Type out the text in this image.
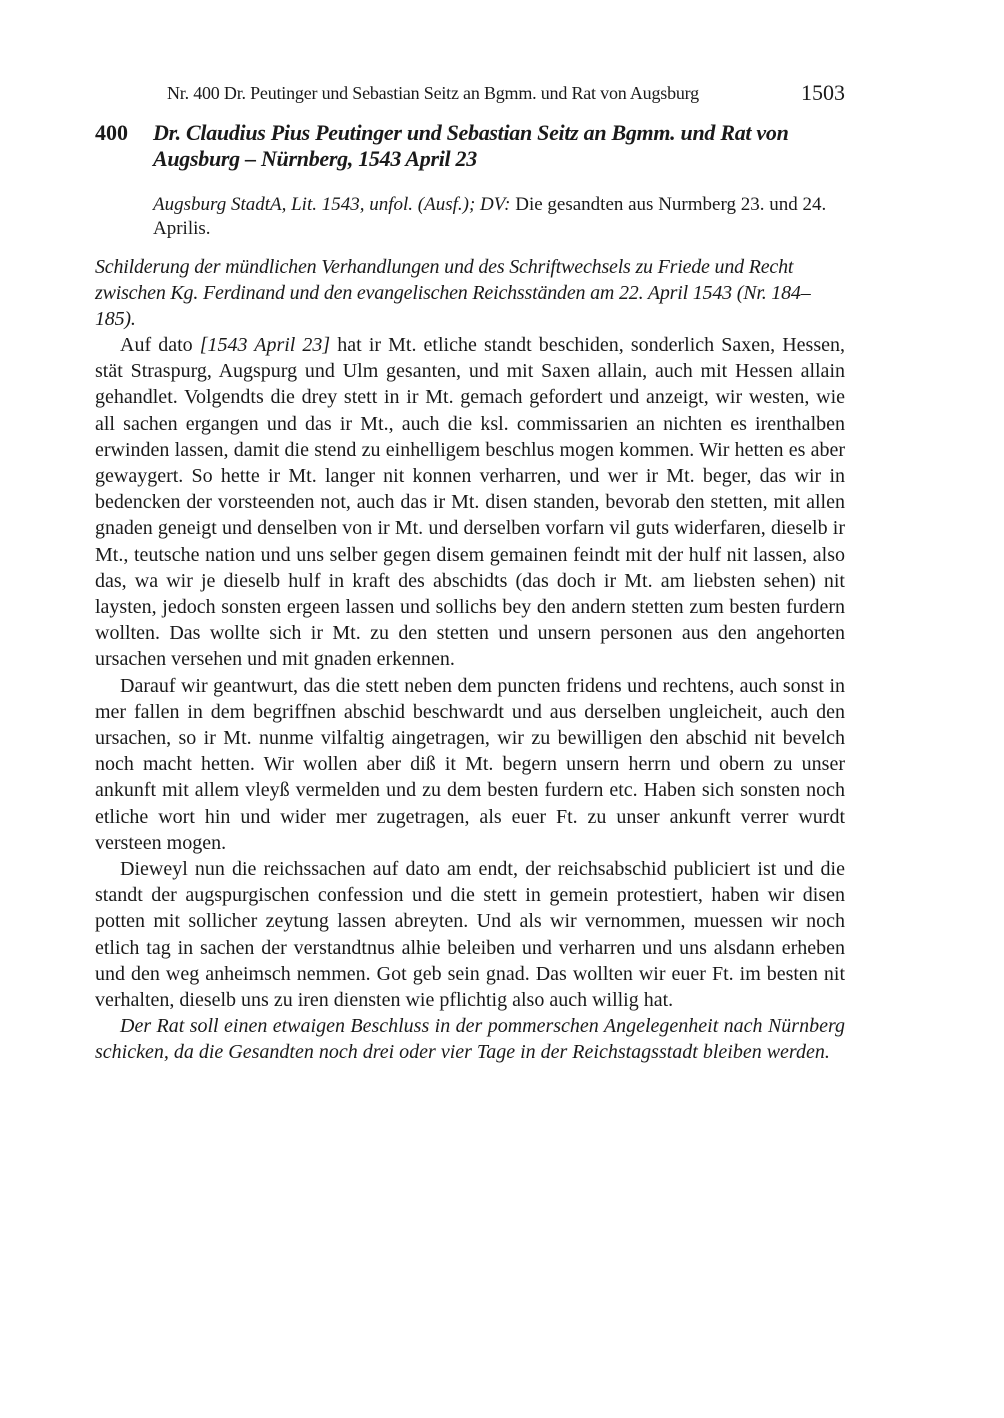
Nr. 400 Dr. Peutinger und Sebastian Seitz an Bgmm. und Rat von Augsburg	1503
400 Dr. Claudius Pius Peutinger und Sebastian Seitz an Bgmm. und Rat von Augsburg – Nürnberg, 1543 April 23
Augsburg StadtA, Lit. 1543, unfol. (Ausf.); DV: Die gesandten aus Nurmberg 23. und 24. Aprilis.
Schilderung der mündlichen Verhandlungen und des Schriftwechsels zu Friede und Recht zwischen Kg. Ferdinand und den evangelischen Reichsständen am 22. April 1543 (Nr. 184–185).

Auf dato [1543 April 23] hat ir Mt. etliche standt beschiden, sonderlich Saxen, Hessen, stät Straspurg, Augspurg und Ulm gesanten, und mit Saxen allain, auch mit Hessen allain gehandlet. Volgendts die drey stett in ir Mt. gemach gefordert und anzeigt, wir westen, wie all sachen ergangen und das ir Mt., auch die ksl. commissarien an nichten es irenthalben erwinden lassen, damit die stend zu einhelligem beschlus mogen kommen. Wir hetten es aber gewaygert. So hette ir Mt. langer nit konnen verharren, und wer ir Mt. beger, das wir in bedencken der vorsteenden not, auch das ir Mt. disen standen, bevorab den stetten, mit allen gnaden geneigt und denselben von ir Mt. und derselben vorfarn vil guts widerfaren, dieselb ir Mt., teutsche nation und uns selber gegen disem gemainen feindt mit der hulf nit lassen, also das, wa wir je dieselb hulf in kraft des abschidts (das doch ir Mt. am liebsten sehen) nit laysten, jedoch sonsten ergeen lassen und sollichs bey den andern stetten zum besten furdern wollten. Das wollte sich ir Mt. zu den stetten und unsern personen aus den angehorten ursachen versehen und mit gnaden erkennen.

Darauf wir geantwurt, das die stett neben dem puncten fridens und rechtens, auch sonst in mer fallen in dem begriffnen abschid beschwardt und aus derselben ungleicheit, auch den ursachen, so ir Mt. nunme vilfaltig aingetragen, wir zu bewilligen den abschid nit bevelch noch macht hetten. Wir wollen aber diß it Mt. begern unsern herrn und obern zu unser ankunft mit allem vleyß vermelden und zu dem besten furdern etc. Haben sich sonsten noch etliche wort hin und wider mer zugetragen, als euer Ft. zu unser ankunft verrer wurdt versteen mogen.

Dieweyl nun die reichssachen auf dato am endt, der reichsabschid publiciert ist und die standt der augspurgischen confession und die stett in gemein protestiert, haben wir disen potten mit sollicher zeytung lassen abreyten. Und als wir vernommen, muessen wir noch etlich tag in sachen der verstandtnus alhie beleiben und verharren und uns alsdann erheben und den weg anheimsch nemmen. Got geb sein gnad. Das wollten wir euer Ft. im besten nit verhalten, dieselb uns zu iren diensten wie pflichtig also auch willig hat.

Der Rat soll einen etwaigen Beschluss in der pommerschen Angelegenheit nach Nürnberg schicken, da die Gesandten noch drei oder vier Tage in der Reichstagsstadt bleiben werden.
